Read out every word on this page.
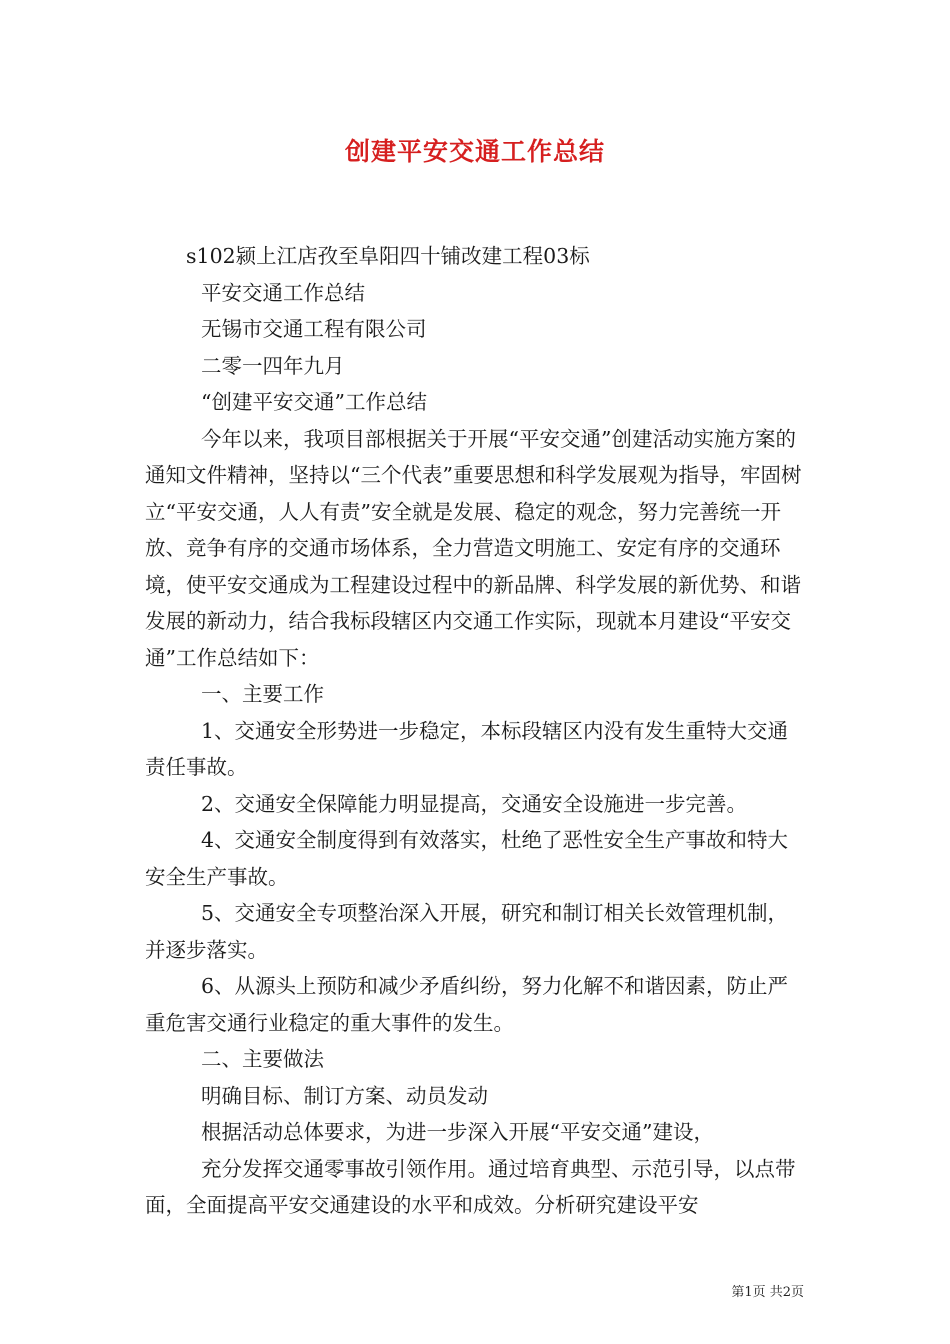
创建平安交通工作总结

s102颍上江店孜至阜阳四十铺改建工程03标

平安交通工作总结

无锡市交通工程有限公司

二零一四年九月

“创建平安交通”工作总结

今年以来，我项目部根据关于开展“平安交通”创建活动实施方案的通知文件精神，坚持以“三个代表”重要思想和科学发展观为指导，牢固树立“平安交通，人人有责”安全就是发展、稳定的观念，努力完善统一开放、竞争有序的交通市场体系，全力营造文明施工、安定有序的交通环境，使平安交通成为工程建设过程中的新品牌、科学发展的新优势、和谐发展的新动力，结合我标段辖区内交通工作实际，现就本月建设“平安交通”工作总结如下：

一、主要工作

1、交通安全形势进一步稳定，本标段辖区内没有发生重特大交通责任事故。

2、交通安全保障能力明显提高，交通安全设施进一步完善。

4、交通安全制度得到有效落实，杜绝了恶性安全生产事故和特大安全生产事故。

5、交通安全专项整治深入开展，研究和制订相关长效管理机制，并逐步落实。

6、从源头上预防和减少矛盾纠纷，努力化解不和谐因素，防止严重危害交通行业稳定的重大事件的发生。

二、主要做法

明确目标、制订方案、动员发动

根据活动总体要求，为进一步深入开展“平安交通”建设，

充分发挥交通零事故引领作用。通过培育典型、示范引导，以点带面，全面提高平安交通建设的水平和成效。分析研究建设平安

第1页 共2页
